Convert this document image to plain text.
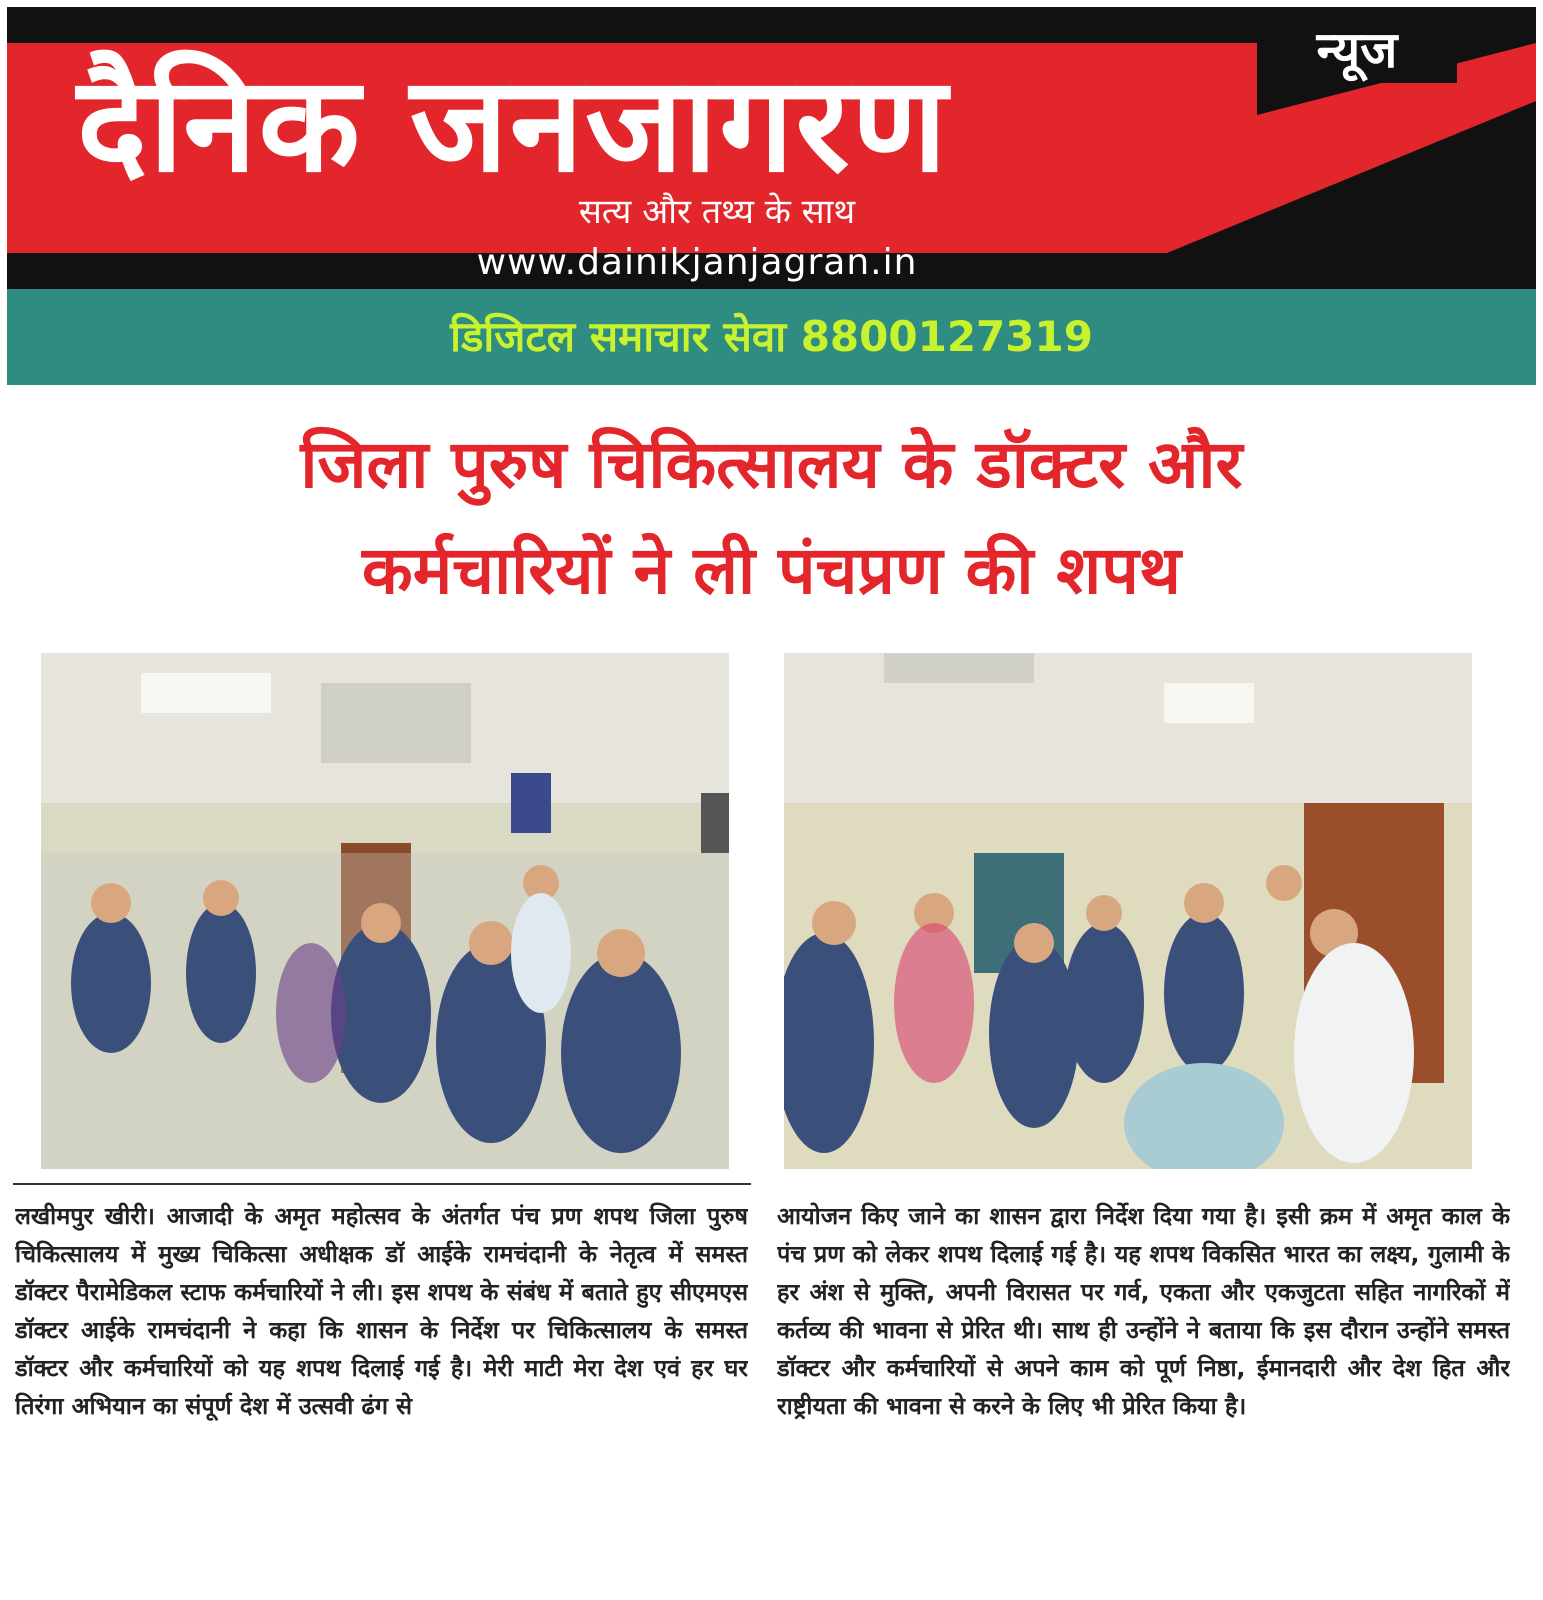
न्यूज
दैनिक जनजागरण
सत्य और तथ्य के साथ
www.dainikjanjagran.in
डिजिटल समाचार सेवा 8800127319
जिला पुरुष चिकित्सालय के डॉक्टर और
कर्मचारियों ने ली पंचप्रण की शपथ
लखीमपुर खीरी। आजादी के अमृत महोत्सव के अंतर्गत पंच प्रण शपथ जिला पुरुष चिकित्सालय में मुख्य चिकित्सा अधीक्षक डॉ आईके रामचंदानी के नेतृत्व में समस्त डॉक्टर पैरामेडिकल स्टाफ कर्मचारियों ने ली। इस शपथ के संबंध में बताते हुए सीएमएस डॉक्टर आईके रामचंदानी ने कहा कि शासन के निर्देश पर चिकित्सालय के समस्त डॉक्टर और कर्मचारियों को यह शपथ दिलाई गई है। मेरी माटी मेरा देश एवं हर घर तिरंगा अभियान का संपूर्ण देश में उत्सवी ढंग से
आयोजन किए जाने का शासन द्वारा निर्देश दिया गया है। इसी क्रम में अमृत काल के पंच प्रण को लेकर शपथ दिलाई गई है। यह शपथ विकसित भारत का लक्ष्य, गुलामी के हर अंश से मुक्ति, अपनी विरासत पर गर्व, एकता और एकजुटता सहित नागरिकों में कर्तव्य की भावना से प्रेरित थी। साथ ही उन्होंने ने बताया कि इस दौरान उन्होंने समस्त डॉक्टर और कर्मचारियों से अपने काम को पूर्ण निष्ठा, ईमानदारी और देश हित और राष्ट्रीयता की भावना से करने के लिए भी प्रेरित किया है।
